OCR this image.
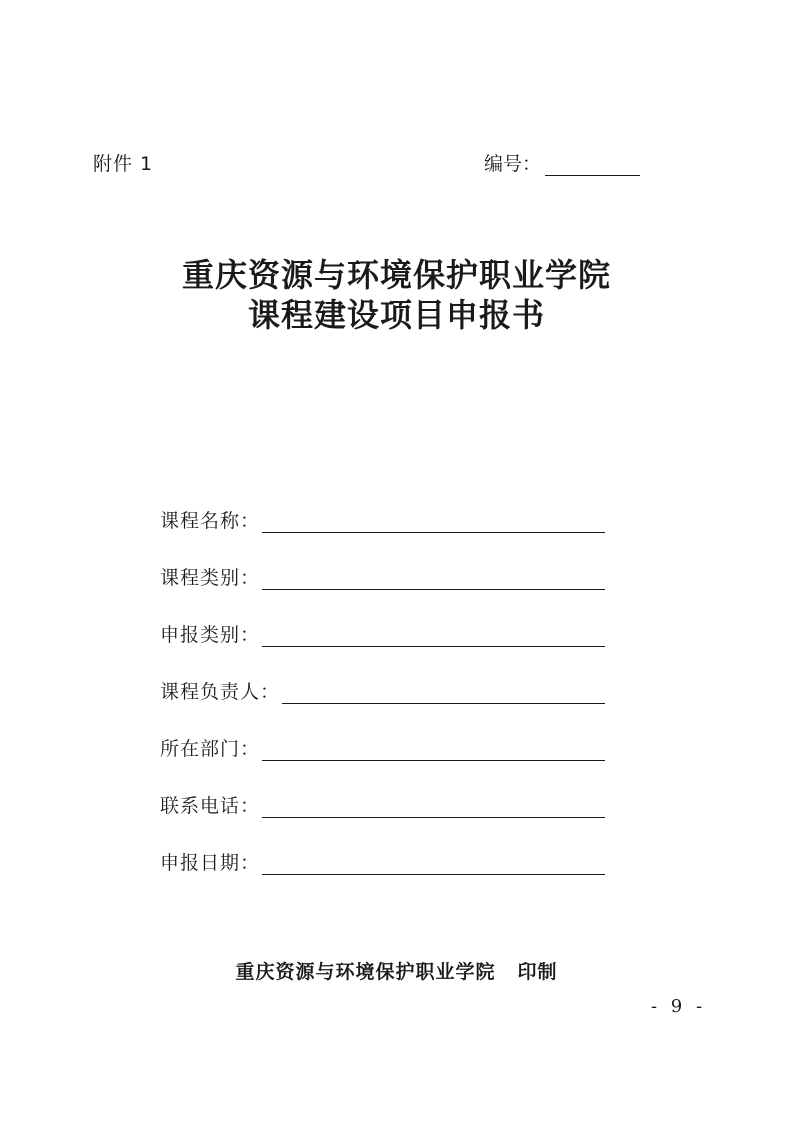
附件 1	编号：
重庆资源与环境保护职业学院
课程建设项目申报书
课程名称：
课程类别：
申报类别：
课程负责人：
所在部门：
联系电话：
申报日期：
重庆资源与环境保护职业学院 印制
- 9 -
